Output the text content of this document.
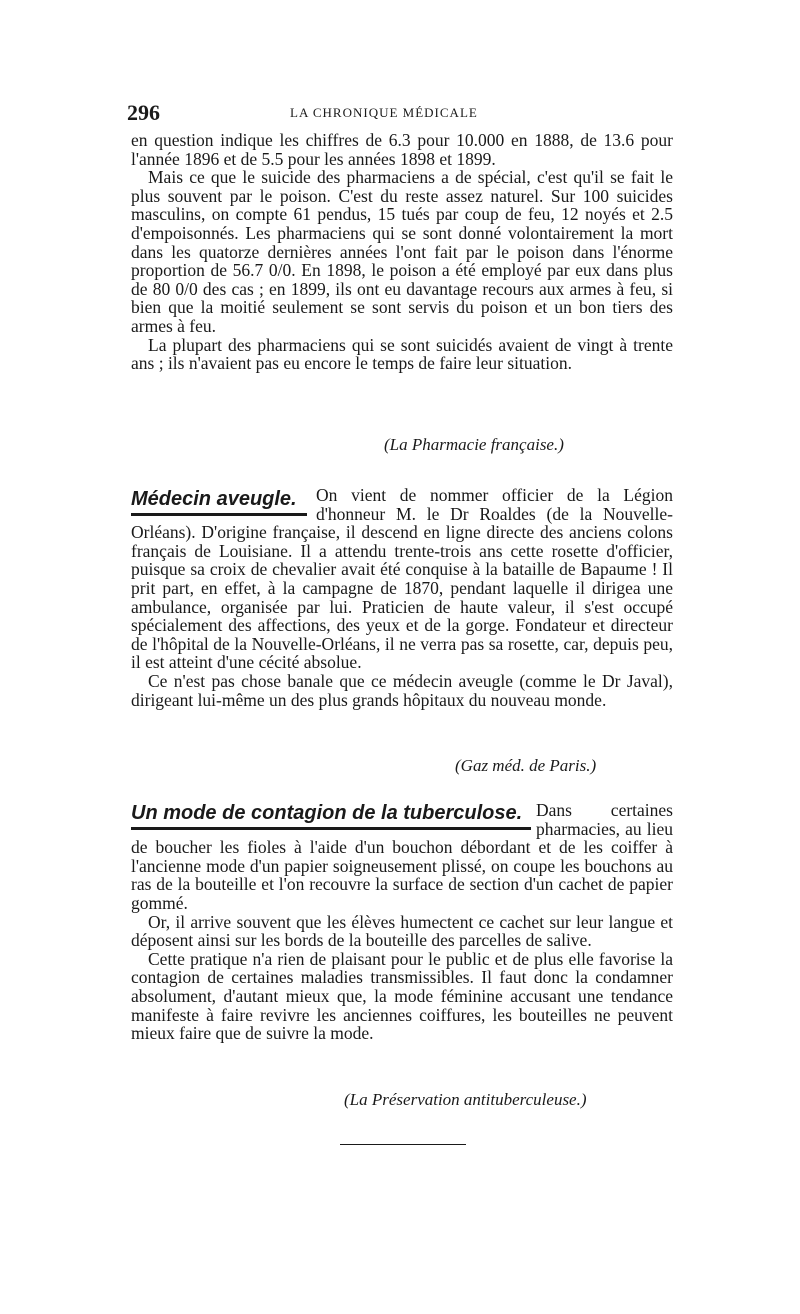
296	LA CHRONIQUE MÉDICALE

en question indique les chiffres de 6.3 pour 10.000 en 1888, de 13.6 pour l'année 1896 et de 5.5 pour les années 1898 et 1899.

Mais ce que le suicide des pharmaciens a de spécial, c'est qu'il se fait le plus souvent par le poison. C'est du reste assez naturel. Sur 100 suicides masculins, on compte 61 pendus, 15 tués par coup de feu, 12 noyés et 2.5 d'empoisonnés. Les pharmaciens qui se sont donné volontairement la mort dans les quatorze dernières années l'ont fait par le poison dans l'énorme proportion de 56.7 0/0. En 1898, le poison a été employé par eux dans plus de 80 0/0 des cas ; en 1899, ils ont eu davantage recours aux armes à feu, si bien que la moitié seulement se sont servis du poison et un bon tiers des armes à feu.

La plupart des pharmaciens qui se sont suicidés avaient de vingt à trente ans ; ils n'avaient pas eu encore le temps de faire leur situation.

(La Pharmacie française.)
Médecin aveugle.	On vient de nommer officier de la Légion d'honneur M. le Dr Roaldes (de la Nouvelle-Orléans). D'origine française, il descend en ligne directe des anciens colons français de Louisiane. Il a attendu trente-trois ans cette rosette d'officier, puisque sa croix de chevalier avait été conquise à la bataille de Bapaume ! Il prit part, en effet, à la campagne de 1870, pendant laquelle il dirigea une ambulance, organisée par lui. Praticien de haute valeur, il s'est occupé spécialement des affections, des yeux et de la gorge. Fondateur et directeur de l'hôpital de la Nouvelle-Orléans, il ne verra pas sa rosette, car, depuis peu, il est atteint d'une cécité absolue.

Ce n'est pas chose banale que ce médecin aveugle (comme le Dr Javal), dirigeant lui-même un des plus grands hôpitaux du nouveau monde.

(Gaz méd. de Paris.)
Un mode de contagion de la tuberculose. Dans certaines pharmacies, au lieu de boucher les fioles à l'aide d'un bouchon débordant et de les coiffer à l'ancienne mode d'un papier soigneusement plissé, on coupe les bouchons au ras de la bouteille et l'on recouvre la surface de section d'un cachet de papier gommé.

Or, il arrive souvent que les élèves humectent ce cachet sur leur langue et déposent ainsi sur les bords de la bouteille des parcelles de salive.

Cette pratique n'a rien de plaisant pour le public et de plus elle favorise la contagion de certaines maladies transmissibles. Il faut donc la condamner absolument, d'autant mieux que, la mode féminine accusant une tendance manifeste à faire revivre les anciennes coiffures, les bouteilles ne peuvent mieux faire que de suivre la mode.

(La Préservation antituberculeuse.)
